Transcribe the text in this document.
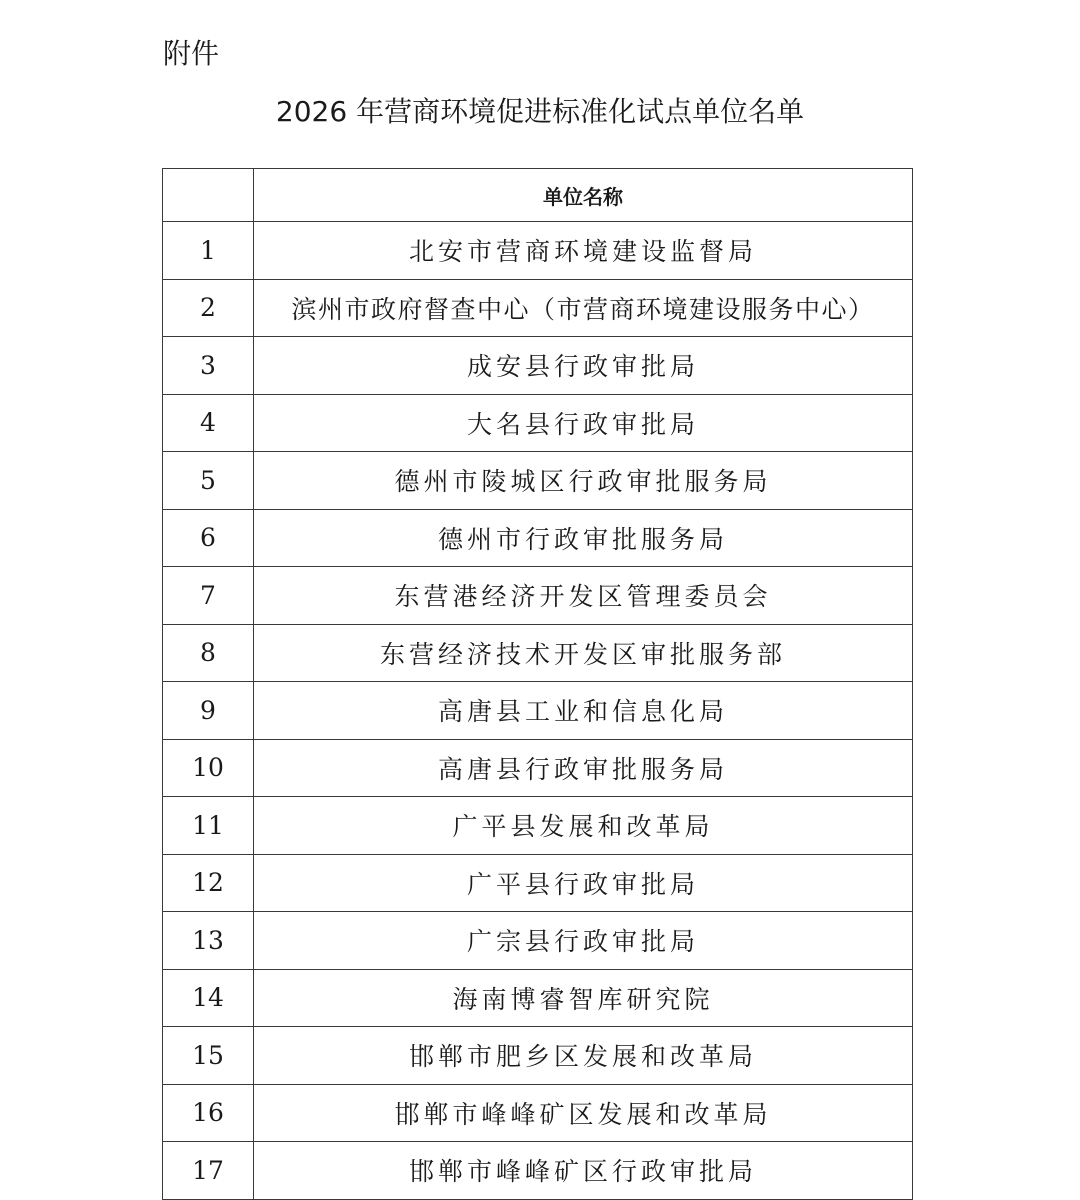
附件
2026 年营商环境促进标准化试点单位名单
	单位名称
1	北安市营商环境建设监督局
2	滨州市政府督查中心（市营商环境建设服务中心）
3	成安县行政审批局
4	大名县行政审批局
5	德州市陵城区行政审批服务局
6	德州市行政审批服务局
7	东营港经济开发区管理委员会
8	东营经济技术开发区审批服务部
9	高唐县工业和信息化局
10	高唐县行政审批服务局
11	广平县发展和改革局
12	广平县行政审批局
13	广宗县行政审批局
14	海南博睿智库研究院
15	邯郸市肥乡区发展和改革局
16	邯郸市峰峰矿区发展和改革局
17	邯郸市峰峰矿区行政审批局
